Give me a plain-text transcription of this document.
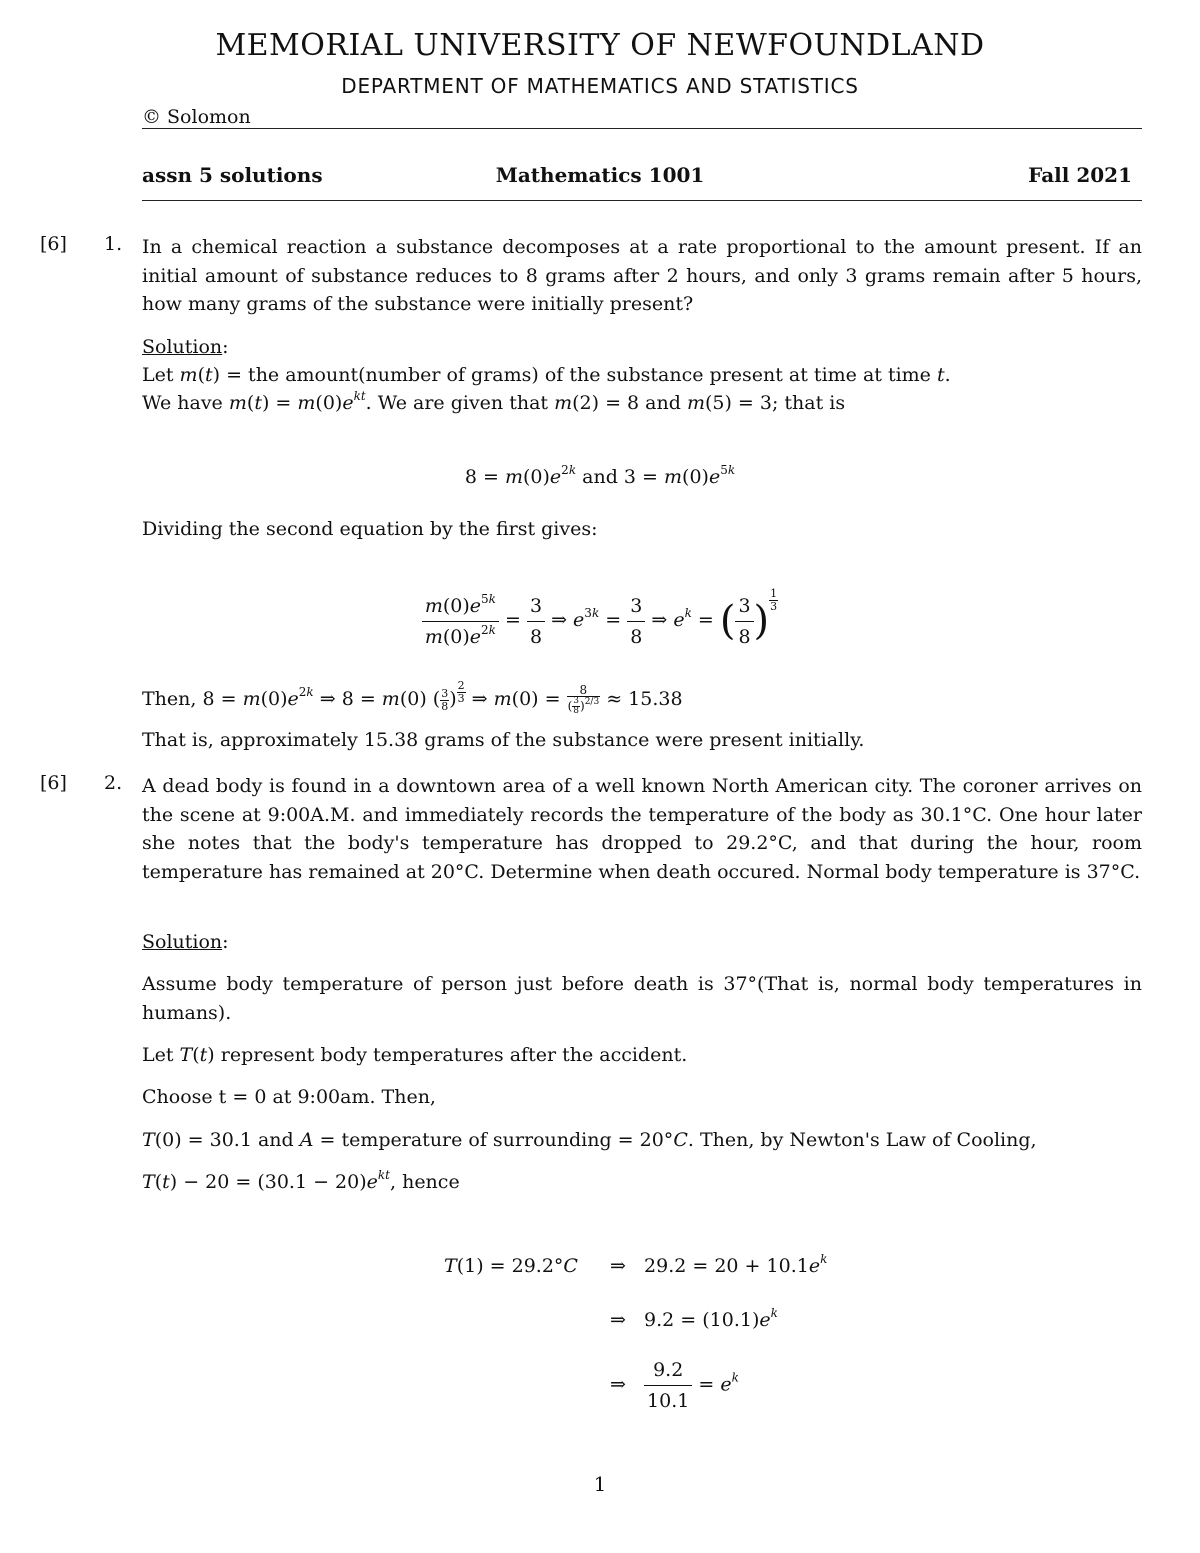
MEMORIAL UNIVERSITY OF NEWFOUNDLAND
DEPARTMENT OF MATHEMATICS AND STATISTICS
© Solomon
assn 5 solutions	Mathematics 1001	Fall 2021
[6] 1. In a chemical reaction a substance decomposes at a rate proportional to the amount present. If an initial amount of substance reduces to 8 grams after 2 hours, and only 3 grams remain after 5 hours, how many grams of the substance were initially present?
Solution:
Let m(t) = the amount(number of grams) of the substance present at time at time t.
We have $m(t) = m(0)e^{kt}$. We are given that m(2) = 8 and m(5) = 3; that is
$8 = m(0)e^{2k}$ and $3 = m(0)e^{5k}$
Dividing the second equation by the first gives:
$\frac{m(0)e^{5k}}{m(0)e^{2k}} = \frac{3}{8}$ ⇒ $e^{3k} = \frac{3}{8}$ ⇒ $e^k$ = ( $\frac{3}{8}$ ) $^{\frac{1}{3}}$
Then, $8 = m(0)e^{2k}$ ⇒ 8 = m(0) ( $\frac{3}{8}$ ) $^{\frac{2}{3}}$ ⇒ $m(0) = \frac{8}{( \frac{3}{8} )^{2/3}} \approx 15.38$
That is, approximately 15.38 grams of the substance were present initially.
[6] 2. A dead body is found in a downtown area of a well known North American city. The coroner arrives on the scene at 9:00A.M. and immediately records the temperature of the body as 30.1°C. One hour later she notes that the body's temperature has dropped to 29.2°C, and that during the hour, room temperature has remained at 20°C. Determine when death occured. Normal body temperature is 37°C.
Solution:
Assume body temperature of person just before death is 37°(That is, normal body temperatures in humans).
Let T(t) represent body temperatures after the accident.
Choose t = 0 at 9:00am. Then,
T(0) = 30.1 and A = temperature of surrounding = 20°C. Then, by Newton's Law of Cooling,
$T(t) - 20 = (30.1 - 20)e^{kt}$, hence
T(1) = 29.2°C ⇒   $29.2 = 20 + 10.1e^k$
⇒   $9.2 = (10.1)e^k$
⇒ $\frac{9.2}{10.1} = e^k$
1
